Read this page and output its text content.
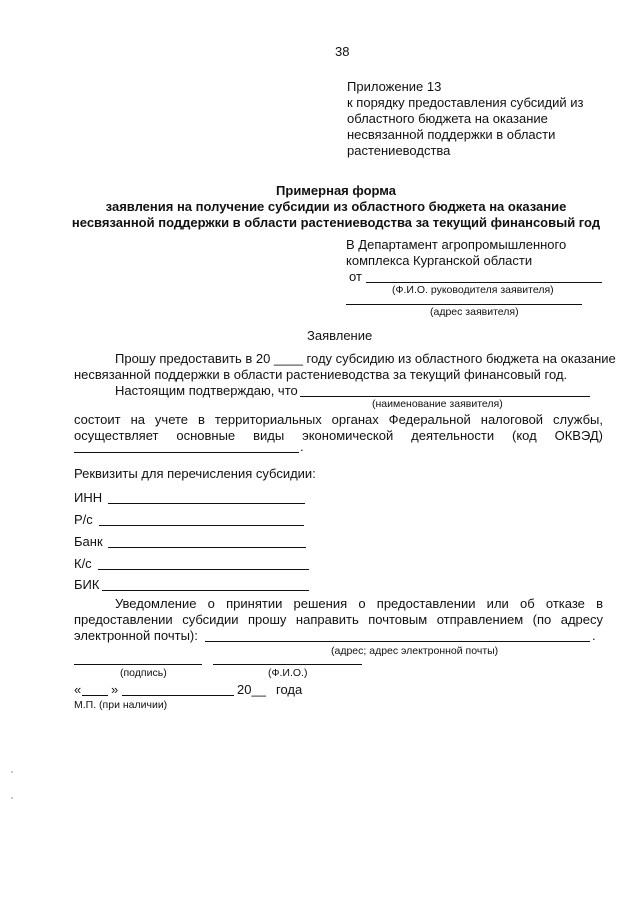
38
Приложение 13
к порядку предоставления субсидий из
областного бюджета на оказание
несвязанной поддержки в области
растениеводства
Примерная форма
заявления на получение субсидии из областного бюджета на оказание
несвязанной поддержки в области растениеводства за текущий финансовый год
В Департамент агропромышленного
комплекса Курганской области
от
(Ф.И.О. руководителя заявителя)
(адрес заявителя)
Заявление
Прошу предоставить в 20 ____ году субсидию из областного бюджета на оказание
несвязанной поддержки в области растениеводства за текущий финансовый год.
Настоящим подтверждаю, что
(наименование заявителя)
состоит на учете в территориальных органах Федеральной налоговой службы,
осуществляет основные виды экономической деятельности (код ОКВЭД)
.
Реквизиты для перечисления субсидии:
ИНН
Р/с
Банк
К/с
БИК
Уведомление о принятии решения о предоставлении или об отказе в
предоставлении субсидии прошу направить почтовым отправлением (по адресу
электронной почты):	.
(адрес; адрес электронной почты)
(подпись)	(Ф.И.О.)
« »	20__ года
М.П. (при наличии)
